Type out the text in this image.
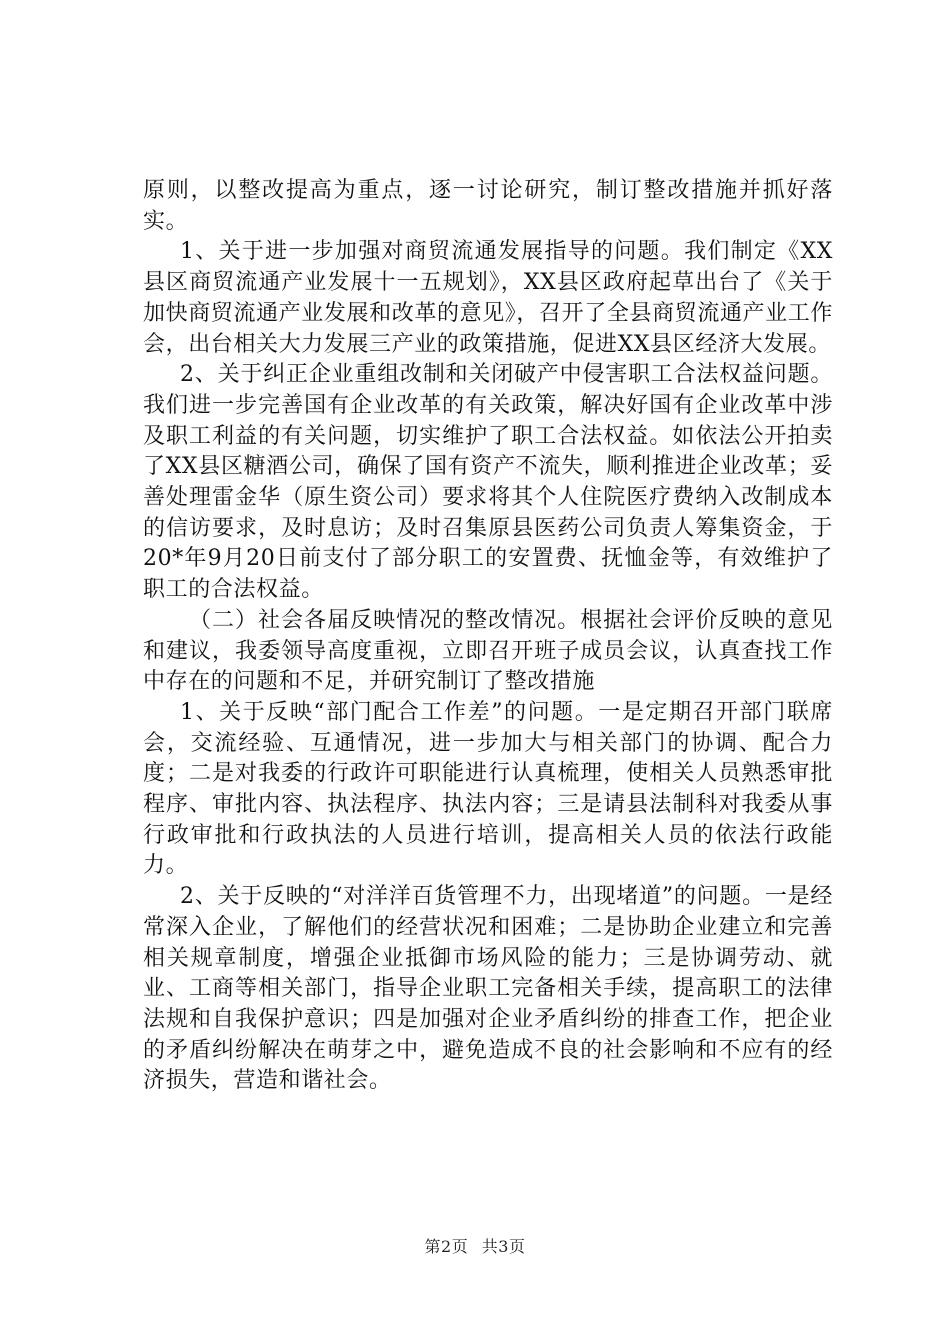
原则，以整改提高为重点，逐一讨论研究，制订整改措施并抓好落实。

1、关于进一步加强对商贸流通发展指导的问题。我们制定《XX县区商贸流通产业发展十一五规划》，XX县区政府起草出台了《关于加快商贸流通产业发展和改革的意见》，召开了全县商贸流通产业工作会，出台相关大力发展三产业的政策措施，促进XX县区经济大发展。

2、关于纠正企业重组改制和关闭破产中侵害职工合法权益问题。我们进一步完善国有企业改革的有关政策，解决好国有企业改革中涉及职工利益的有关问题，切实维护了职工合法权益。如依法公开拍卖了XX县区糖酒公司，确保了国有资产不流失，顺利推进企业改革；妥善处理雷金华（原生资公司）要求将其个人住院医疗费纳入改制成本的信访要求，及时息访；及时召集原县医药公司负责人筹集资金，于20*年9月20日前支付了部分职工的安置费、抚恤金等，有效维护了职工的合法权益。

（二）社会各届反映情况的整改情况。根据社会评价反映的意见和建议，我委领导高度重视，立即召开班子成员会议，认真查找工作中存在的问题和不足，并研究制订了整改措施

1、关于反映“部门配合工作差”的问题。一是定期召开部门联席会，交流经验、互通情况，进一步加大与相关部门的协调、配合力度；二是对我委的行政许可职能进行认真梳理，使相关人员熟悉审批程序、审批内容、执法程序、执法内容；三是请县法制科对我委从事行政审批和行政执法的人员进行培训，提高相关人员的依法行政能力。

2、关于反映的“对洋洋百货管理不力，出现堵道”的问题。一是经常深入企业，了解他们的经营状况和困难；二是协助企业建立和完善相关规章制度，增强企业抵御市场风险的能力；三是协调劳动、就业、工商等相关部门，指导企业职工完备相关手续，提高职工的法律法规和自我保护意识；四是加强对企业矛盾纠纷的排查工作，把企业的矛盾纠纷解决在萌芽之中，避免造成不良的社会影响和不应有的经济损失，营造和谐社会。

第2页 共3页
